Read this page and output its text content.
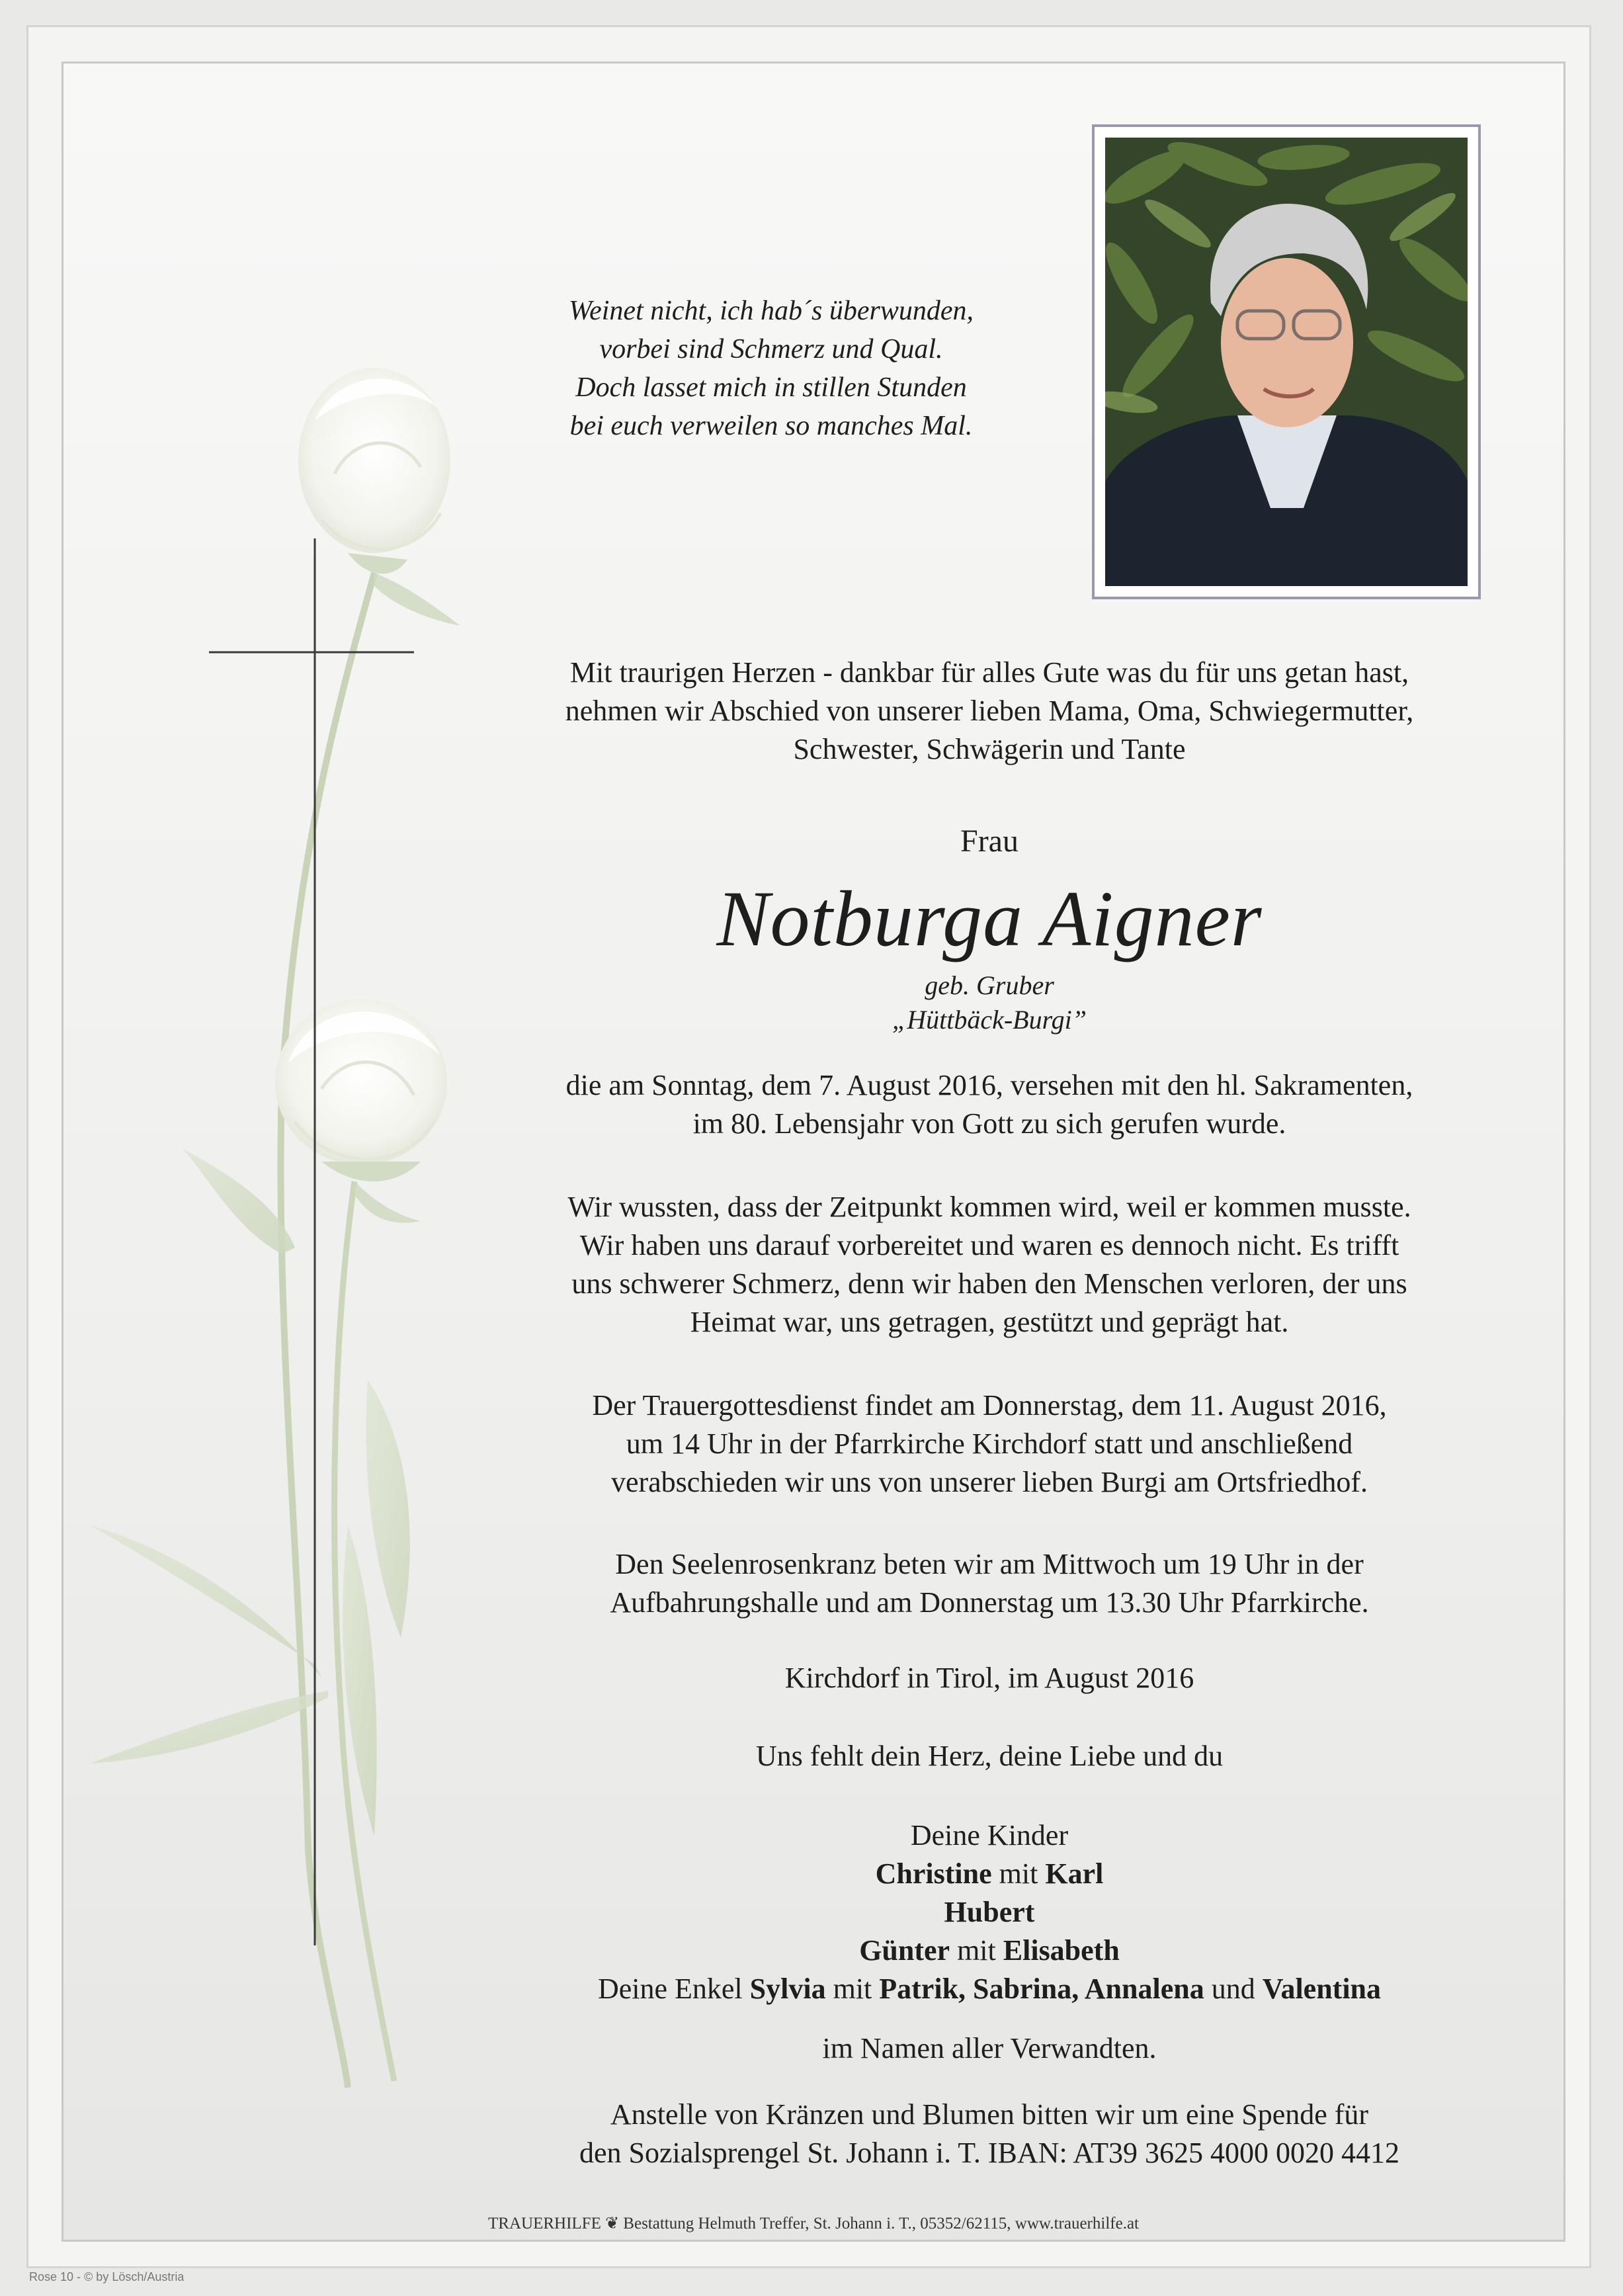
Weinet nicht, ich hab´s überwunden,
vorbei sind Schmerz und Qual.
Doch lasset mich in stillen Stunden
bei euch verweilen so manches Mal.
Mit traurigen Herzen - dankbar für alles Gute was du für uns getan hast,
nehmen wir Abschied von unserer lieben Mama, Oma, Schwiegermutter,
Schwester, Schwägerin und Tante
Frau
Notburga Aigner
geb. Gruber
„Hüttbäck-Burgi”
die am Sonntag, dem 7. August 2016, versehen mit den hl. Sakramenten,
im 80. Lebensjahr von Gott zu sich gerufen wurde.
Wir wussten, dass der Zeitpunkt kommen wird, weil er kommen musste.
Wir haben uns darauf vorbereitet und waren es dennoch nicht. Es trifft
uns schwerer Schmerz, denn wir haben den Menschen verloren, der uns
Heimat war, uns getragen, gestützt und geprägt hat.
Der Trauergottesdienst findet am Donnerstag, dem 11. August 2016,
um 14 Uhr in der Pfarrkirche Kirchdorf statt und anschließend
verabschieden wir uns von unserer lieben Burgi am Ortsfriedhof.
Den Seelenrosenkranz beten wir am Mittwoch um 19 Uhr in der
Aufbahrungshalle und am Donnerstag um 13.30 Uhr Pfarrkirche.
Kirchdorf in Tirol, im August 2016
Uns fehlt dein Herz, deine Liebe und du
Deine Kinder
Christine mit Karl
Hubert
Günter mit Elisabeth
Deine Enkel Sylvia mit Patrik, Sabrina, Annalena und Valentina
im Namen aller Verwandten.
Anstelle von Kränzen und Blumen bitten wir um eine Spende für
den Sozialsprengel St. Johann i. T. IBAN: AT39 3625 4000 0020 4412
TRAUERHILFE ❦ Bestattung Helmuth Treffer, St. Johann i. T., 05352/62115, www.trauerhilfe.at
Rose 10 - © by Lösch/Austria
